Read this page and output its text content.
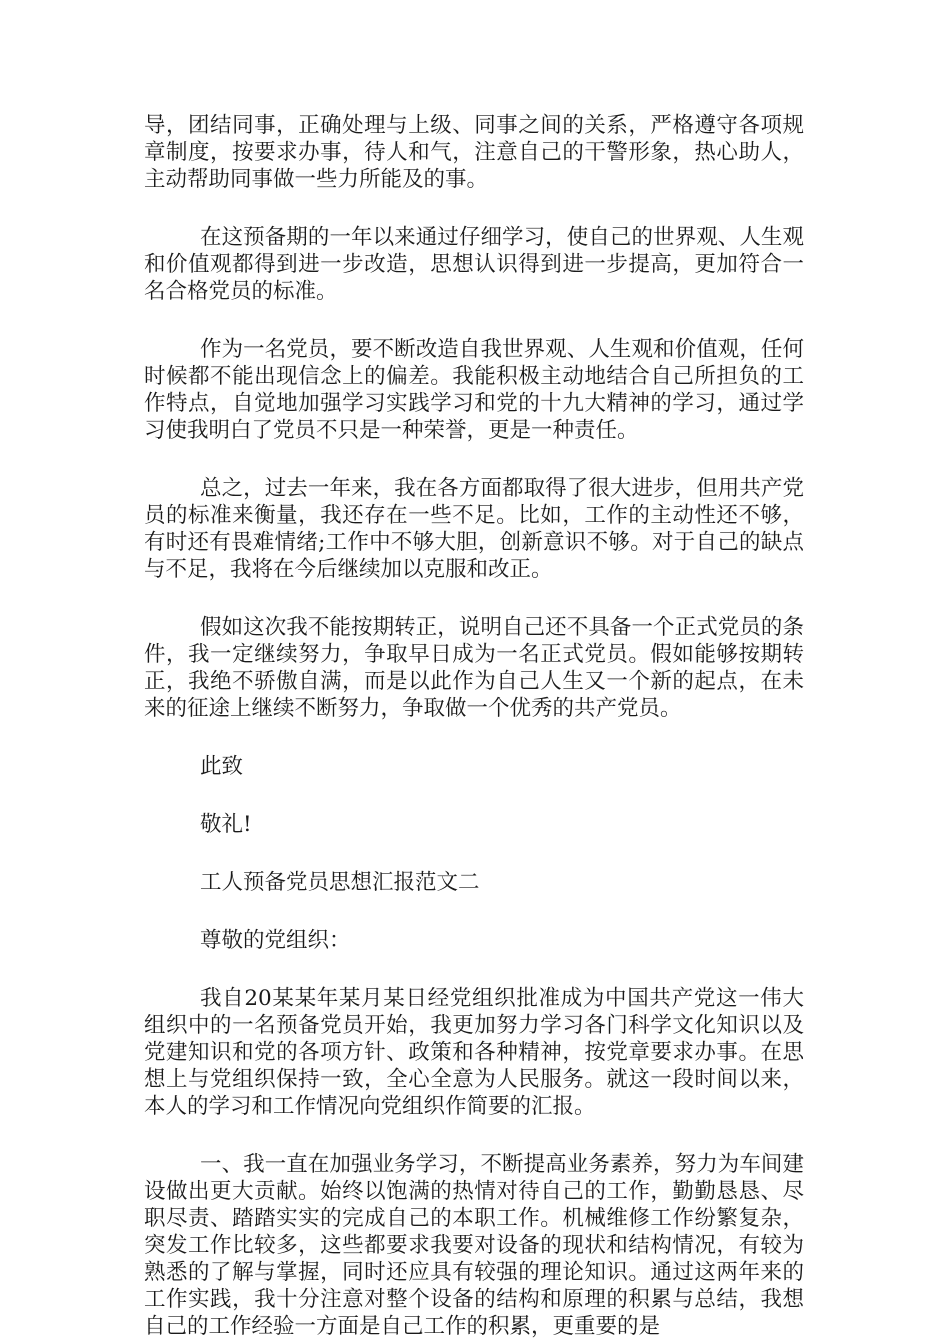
导，团结同事，正确处理与上级、同事之间的关系，严格遵守各项规章制度，按要求办事，待人和气，注意自己的干警形象，热心助人，主动帮助同事做一些力所能及的事。

在这预备期的一年以来通过仔细学习，使自己的世界观、人生观和价值观都得到进一步改造，思想认识得到进一步提高，更加符合一名合格党员的标准。

作为一名党员，要不断改造自我世界观、人生观和价值观，任何时候都不能出现信念上的偏差。我能积极主动地结合自己所担负的工作特点，自觉地加强学习实践学习和党的十九大精神的学习，通过学习使我明白了党员不只是一种荣誉，更是一种责任。

总之，过去一年来，我在各方面都取得了很大进步，但用共产党员的标准来衡量，我还存在一些不足。比如，工作的主动性还不够，有时还有畏难情绪;工作中不够大胆，创新意识不够。对于自己的缺点与不足，我将在今后继续加以克服和改正。

假如这次我不能按期转正，说明自己还不具备一个正式党员的条件，我一定继续努力，争取早日成为一名正式党员。假如能够按期转正，我绝不骄傲自满，而是以此作为自己人生又一个新的起点，在未来的征途上继续不断努力，争取做一个优秀的共产党员。

此致

敬礼!

工人预备党员思想汇报范文二

尊敬的党组织：

我自20某某年某月某日经党组织批准成为中国共产党这一伟大组织中的一名预备党员开始，我更加努力学习各门科学文化知识以及党建知识和党的各项方针、政策和各种精神，按党章要求办事。在思想上与党组织保持一致，全心全意为人民服务。就这一段时间以来，本人的学习和工作情况向党组织作简要的汇报。

一、我一直在加强业务学习，不断提高业务素养，努力为车间建设做出更大贡献。始终以饱满的热情对待自己的工作，勤勤恳恳、尽职尽责、踏踏实实的完成自己的本职工作。机械维修工作纷繁复杂，突发工作比较多，这些都要求我要对设备的现状和结构情况，有较为熟悉的了解与掌握，同时还应具有较强的理论知识。通过这两年来的工作实践，我十分注意对整个设备的结构和原理的积累与总结，我想自己的工作经验一方面是自己工作的积累，更重要的是
